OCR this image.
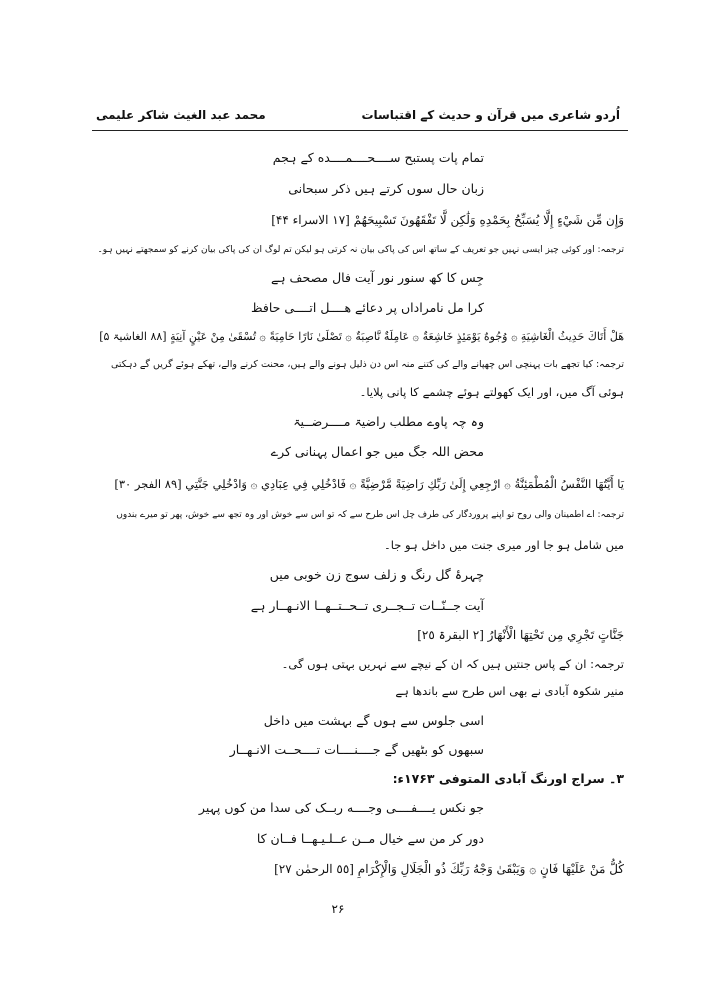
اُردو شاعری میں قرآن و حدیث کے اقتباسات
محمد عبد الغیث شاکر علیمی
تمام پات پستبح ســــحــــمــــده کے ہجم
زبان حال سوں کرتے ہیں ذکر سبحانی
وَإِن مِّن شَيْءٍ إِلَّا يُسَبِّحُ بِحَمْدِهِ وَلَٰكِن لَّا تَفْقَهُونَ تَسْبِيحَهُمْ [١٧ الاسراء ۴۴]
ترجمہ: اور کوئی چیز ایسی نہیں جو تعریف کے ساتھ اس کی پاکی بیان نہ کرتی ہو لیکن تم لوگ ان کی پاکی بیان کرنے کو سمجھتے نہیں ہو۔
جِس کا کھ سنور نور آیت فال مصحف ہے
کرا مل نامراداں پر دعائے هــــل اتــــی حافظ
هَلْ أَتَاكَ حَدِيثُ الْغَاشِيَةِ ۞ وُجُوهٌ يَوْمَئِذٍ خَاشِعَةٌ ۞ عَامِلَةٌ نَّاصِبَةٌ ۞ تَصْلَىٰ نَارًا حَامِيَةً ۞ تُسْقَىٰ مِنْ عَيْنٍ آنِيَةٍ [٨٨ الغاشیۃ ۵]
ترجمہ: کیا تجھے بات پہنچی اس چھپانے والے کی کتنے منہ اس دن ذلیل ہونے والے ہیں، محنت کرنے والے، تھکے ہوئے گریں گے دہکتی
ہوئی آگ میں، اور ایک کھولتے ہوئے چشمے کا پانی پلایا۔
وہ چہ پاوے مطلب راضیۃ مــــرضــیۃ
محض اللہ جگ میں جو اعمال پہنانی کرے
يَا أَيَّتُهَا النَّفْسُ الْمُطْمَئِنَّةُ ۞ ارْجِعِي إِلَىٰ رَبِّكِ رَاضِيَةً مَّرْضِيَّةً ۞ فَادْخُلِي فِي عِبَادِي ۞ وَادْخُلِي جَنَّتِي [٨٩ الفجر ٣٠]
ترجمہ: اے اطمینان والی روح تو اپنے پروردگار کی طرف چل اس طرح سے کہ تو اس سے خوش اور وہ تجھ سے خوش، پھر تو میرے بندوں
میں شامل ہو جا اور میری جنت میں داخل ہو جا۔
چہرۂ گل رنگ و زلف سوج زن خوبی میں
آیت جــنّــات تــجــری تــحــتــهــا الانـهــار ہے
جَنَّاتٍ تَجْرِي مِن تَحْتِهَا الْأَنْهَارُ [٢ البقرۃ ٢٥]
ترجمہ: ان کے پاس جنتیں ہیں کہ ان کے نیچے سے نہریں بہتی ہوں گی۔
منیر شکوہ آبادی نے بھی اس طرح سے باندھا ہے
اسی جلوس سے ہوں گے بہشت میں داخل
سبھوں کو بٹھیں گے جــــنــــات تــــحــت الانـهــار
۳۔ سراج اورنگ آبادی المتوفی ۱۷۶۳ء:
جو نکس یــــفــــی وجــــه ربــک کی سدا من کوں پہیر
دور کر من سے خیال مــن عــلـیـهــا فــان کا
كُلُّ مَنْ عَلَيْهَا فَانٍ ۞ وَيَبْقَىٰ وَجْهُ رَبِّكَ ذُو الْجَلَالِ وَالْإِكْرَامِ [٥٥ الرحمٰن ٢٧]
۲۶
